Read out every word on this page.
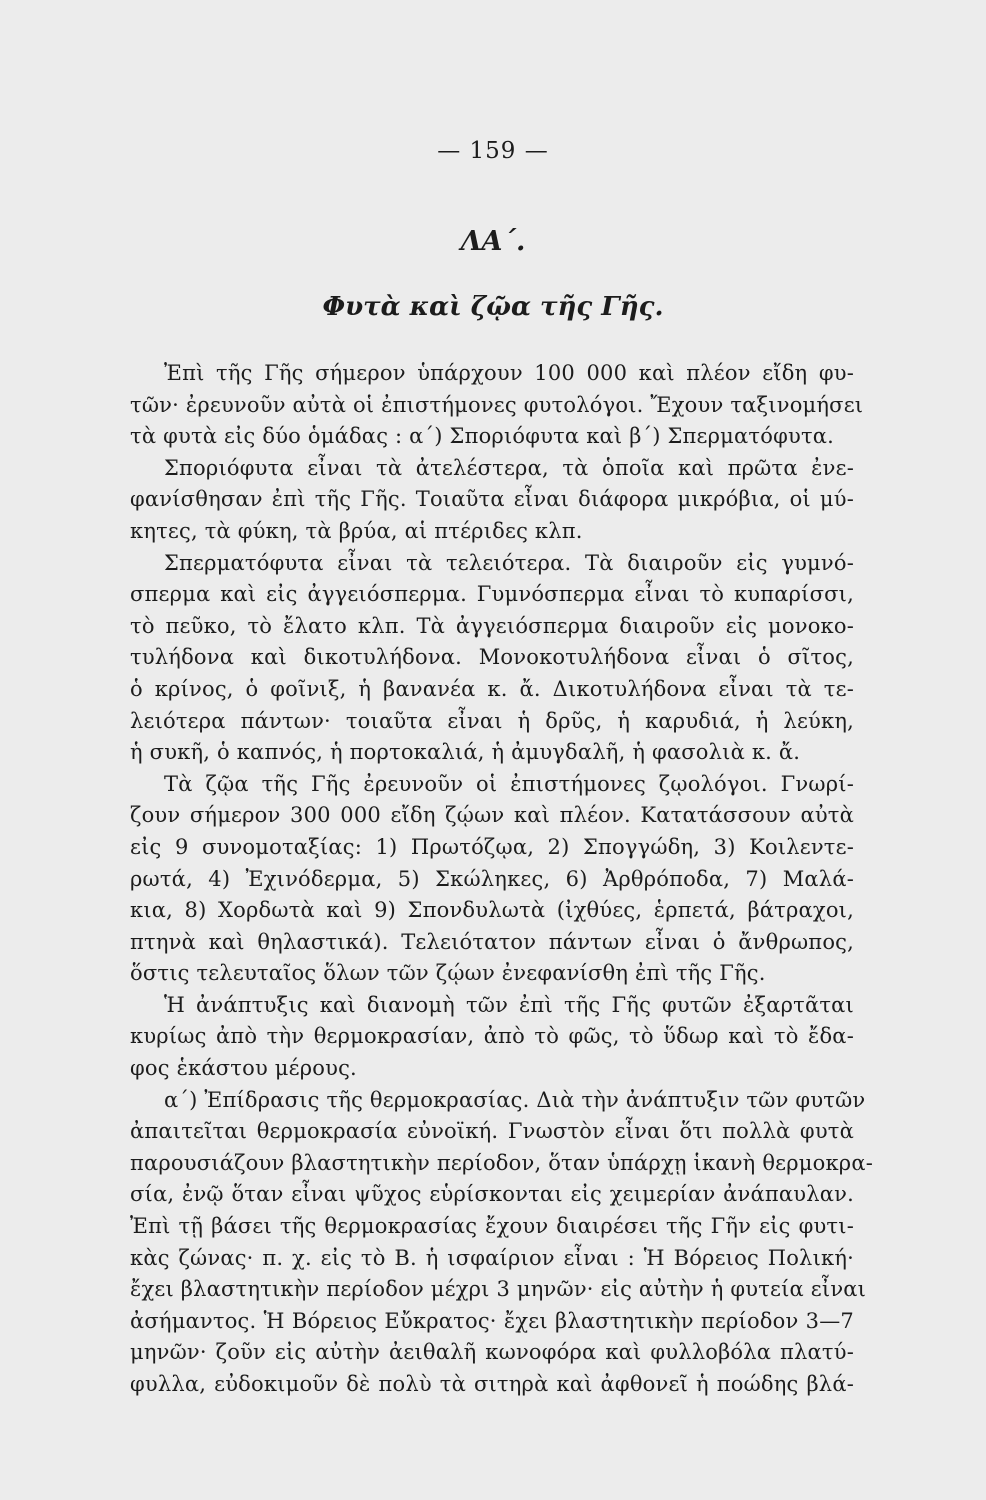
— 159 —
ΛΑ΄.
Φυτὰ καὶ ζῷα τῆς Γῆς.
Ἐπὶ τῆς Γῆς σήμερον ὑπάρχουν 100 000 καὶ πλέον εἴδη φυ-
τῶν· ἐρευνοῦν αὐτὰ οἱ ἐπιστήμονες φυτολόγοι. Ἔχουν ταξινομήσει
τὰ φυτὰ εἰς δύο ὁμάδας : α΄) Σποριόφυτα καὶ β΄) Σπερματόφυτα.
Σποριόφυτα εἶναι τὰ ἀτελέστερα, τὰ ὁποῖα καὶ πρῶτα ἐνε-
φανίσθησαν ἐπὶ τῆς Γῆς. Τοιαῦτα εἶναι διάφορα μικρόβια, οἱ μύ-
κητες, τὰ φύκη, τὰ βρύα, αἱ πτέριδες κλπ.
Σπερματόφυτα εἶναι τὰ τελειότερα. Τὰ διαιροῦν εἰς γυμνό-
σπερμα καὶ εἰς ἀγγειόσπερμα. Γυμνόσπερμα εἶναι τὸ κυπαρίσσι,
τὸ πεῦκο, τὸ ἔλατο κλπ. Τὰ ἀγγειόσπερμα διαιροῦν εἰς μονοκο-
τυλήδονα καὶ δικοτυλήδονα. Μονοκοτυλήδονα εἶναι ὁ σῖτος,
ὁ κρίνος, ὁ φοῖνιξ, ἡ βανανέα κ. ἄ. Δικοτυλήδονα εἶναι τὰ τε-
λειότερα πάντων· τοιαῦτα εἶναι ἡ δρῦς, ἡ καρυδιά, ἡ λεύκη,
ἡ συκῆ, ὁ καπνός, ἡ πορτοκαλιά, ἡ ἀμυγδαλῆ, ἡ φασολιὰ κ. ἄ.
Τὰ ζῷα τῆς Γῆς ἐρευνοῦν οἱ ἐπιστήμονες ζῳολόγοι. Γνωρί-
ζουν σήμερον 300 000 εἴδη ζῴων καὶ πλέον. Κατατάσσουν αὐτὰ
εἰς 9 συνομοταξίας: 1) Πρωτόζῳα, 2) Σπογγώδη, 3) Κοιλεντε-
ρωτά, 4) Ἐχινόδερμα, 5) Σκώληκες, 6) Ἀρθρόποδα, 7) Μαλά-
κια, 8) Χορδωτὰ καὶ 9) Σπονδυλωτὰ (ἰχθύες, ἑρπετά, βάτραχοι,
πτηνὰ καὶ θηλαστικά). Τελειότατον πάντων εἶναι ὁ ἄνθρωπος,
ὅστις τελευταῖος ὅλων τῶν ζῴων ἐνεφανίσθη ἐπὶ τῆς Γῆς.
Ἡ ἀνάπτυξις καὶ διανομὴ τῶν ἐπὶ τῆς Γῆς φυτῶν ἐξαρτᾶται
κυρίως ἀπὸ τὴν θερμοκρασίαν, ἀπὸ τὸ φῶς, τὸ ὕδωρ καὶ τὸ ἔδα-
φος ἑκάστου μέρους.
α΄) Ἐπίδρασις τῆς θερμοκρασίας. Διὰ τὴν ἀνάπτυξιν τῶν φυτῶν
ἀπαιτεῖται θερμοκρασία εὐνοϊκή. Γνωστὸν εἶναι ὅτι πολλὰ φυτὰ
παρουσιάζουν βλαστητικὴν περίοδον, ὅταν ὑπάρχῃ ἱκανὴ θερμοκρα-
σία, ἐνῷ ὅταν εἶναι ψῦχος εὑρίσκονται εἰς χειμερίαν ἀνάπαυλαν.
Ἐπὶ τῇ βάσει τῆς θερμοκρασίας ἔχουν διαιρέσει τῆς Γῆν εἰς φυτι-
κὰς ζώνας· π. χ. εἰς τὸ Β. ἡ ισφαίριον εἶναι : Ἡ Βόρειος Πολική·
ἔχει βλαστητικὴν περίοδον μέχρι 3 μηνῶν· εἰς αὐτὴν ἡ φυτεία εἶναι
ἀσήμαντος. Ἡ Βόρειος Εὔκρατος· ἔχει βλαστητικὴν περίοδον 3—7
μηνῶν· ζοῦν εἰς αὐτὴν ἀειθαλῆ κωνοφόρα καὶ φυλλοβόλα πλατύ-
φυλλα, εὐδοκιμοῦν δὲ πολὺ τὰ σιτηρὰ καὶ ἀφθονεῖ ἡ ποώδης βλά-
